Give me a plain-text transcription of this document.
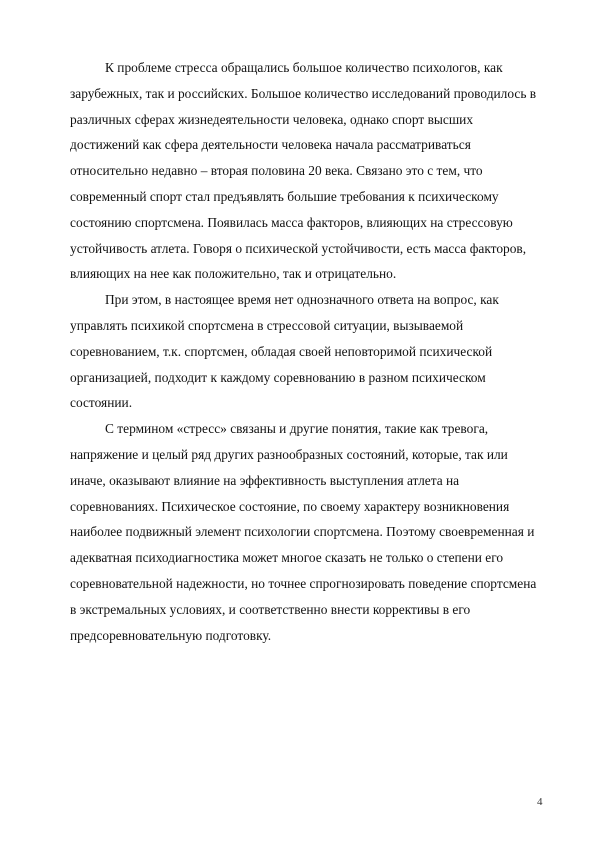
К проблеме стресса обращались большое количество психологов, как
зарубежных, так и российских. Большое количество исследований проводилось в
различных сферах жизнедеятельности человека, однако спорт высших
достижений как сфера деятельности человека начала рассматриваться
относительно недавно – вторая половина 20 века. Связано это с тем, что
современный спорт стал предъявлять большие требования к психическому
состоянию спортсмена. Появилась масса факторов, влияющих на стрессовую
устойчивость атлета. Говоря о психической устойчивости, есть масса факторов,
влияющих на нее как положительно, так и отрицательно.
При этом, в настоящее время нет однозначного ответа на вопрос, как
управлять психикой спортсмена в стрессовой ситуации, вызываемой
соревнованием, т.к. спортсмен, обладая своей неповторимой психической
организацией, подходит к каждому соревнованию в разном психическом
состоянии.
С термином «стресс» связаны и другие понятия, такие как тревога,
напряжение и целый ряд других разнообразных состояний, которые, так или
иначе, оказывают влияние на эффективность выступления атлета на
соревнованиях. Психическое состояние, по своему характеру возникновения
наиболее подвижный элемент психологии спортсмена. Поэтому своевременная и
адекватная психодиагностика может многое сказать не только о степени его
соревновательной надежности, но точнее спрогнозировать поведение спортсмена
в экстремальных условиях, и соответственно внести коррективы в его
предсоревновательную подготовку.
4
